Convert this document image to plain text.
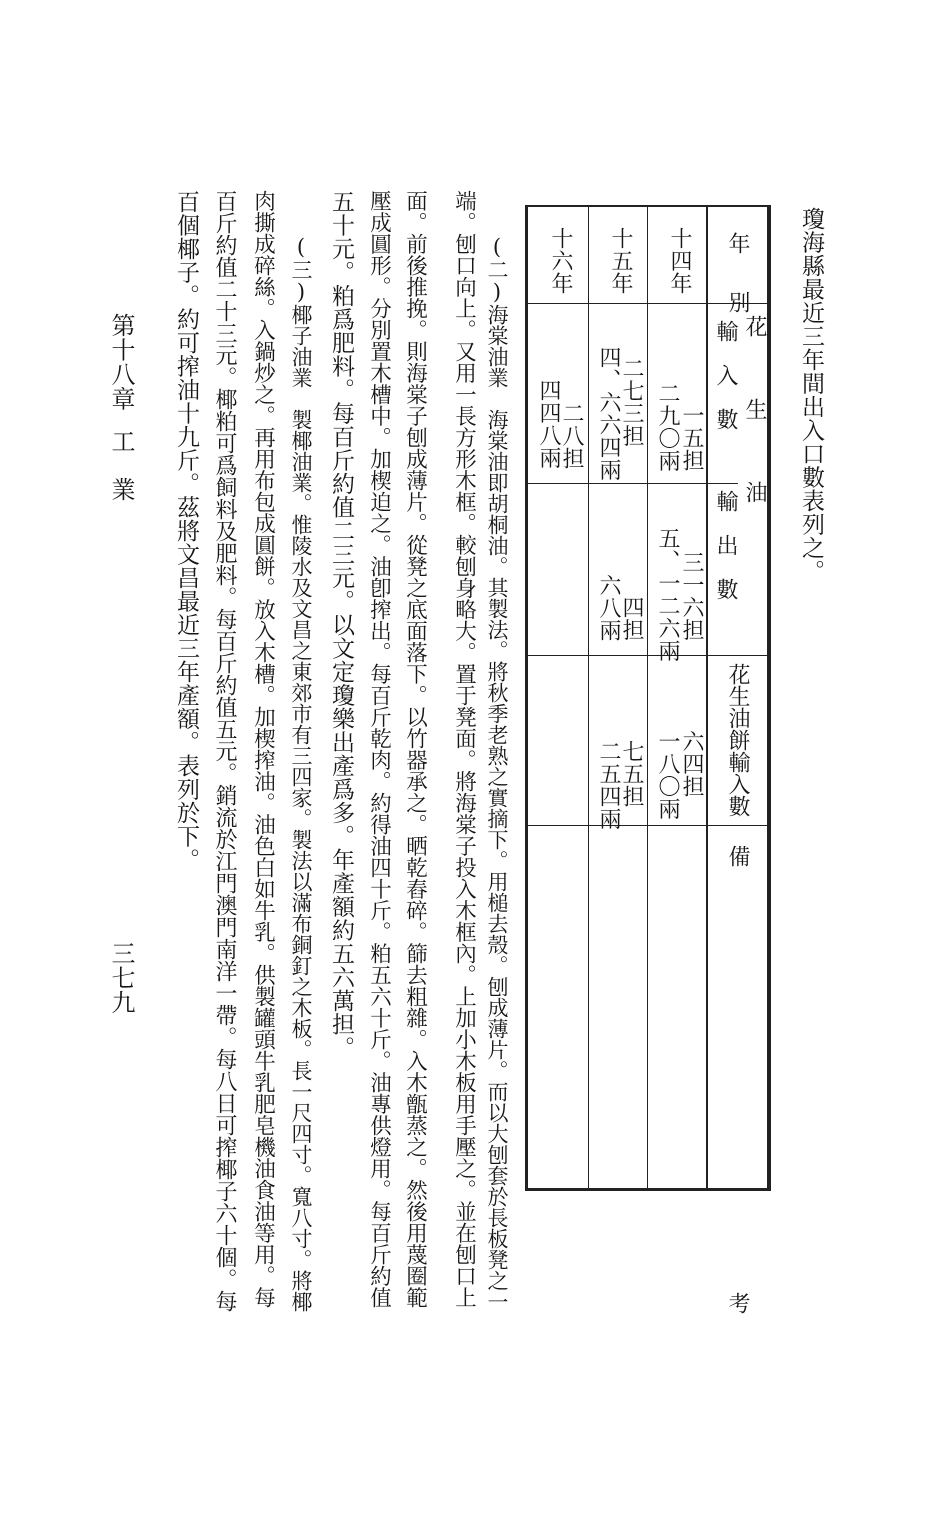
瓊海縣最近三年間出入口數表列之。
年 別
花 生 油
輸入數
輸出數
花生油餅輸入數
備 考
十四年
一五担
二九〇兩
三一六担
五、一二六兩
六四担
一八〇兩
十五年
二七三担
四、六六四兩
四担
六八兩
七五担
二五四兩
十六年
二八担
四四八兩
(二)海棠油業　海棠油即胡桐油。其製法。將秋季老熟之實摘下。用槌去殼。刨成薄片。而以大刨套於長板凳之一
端。刨口向上。又用一長方形木框。較刨身略大。置于凳面。將海棠子投入木框內。上加小木板用手壓之。並在刨口上
面。前後推挽。則海棠子刨成薄片。從凳之底面落下。以竹器承之。晒乾舂碎。篩去粗雜。入木甑蒸之。然後用蔑圈範
壓成圓形。分別置木槽中。加楔迫之。油卽搾出。每百斤乾肉。約得油四十斤。粕五六十斤。油專供燈用。每百斤約值
五十元。粕爲肥料。每百斤約值二三元。以文定瓊樂出產爲多。年產額約五六萬担。
(三)椰子油業　製椰油業。惟陵水及文昌之東郊市有三四家。製法以滿布銅釘之木板。長一尺四寸。寬八寸。將椰
肉撕成碎絲。入鍋炒之。再用布包成圓餅。放入木槽。加楔搾油。油色白如牛乳。供製罐頭牛乳肥皂機油食油等用。每
百斤約值二十三元。椰粕可爲飼料及肥料。每百斤約值五元。銷流於江門澳門南洋一帶。每八日可搾椰子六十個。每
百個椰子。約可搾油十九斤。茲將文昌最近三年產額。表列於下。
第十八章
工業
三七九
